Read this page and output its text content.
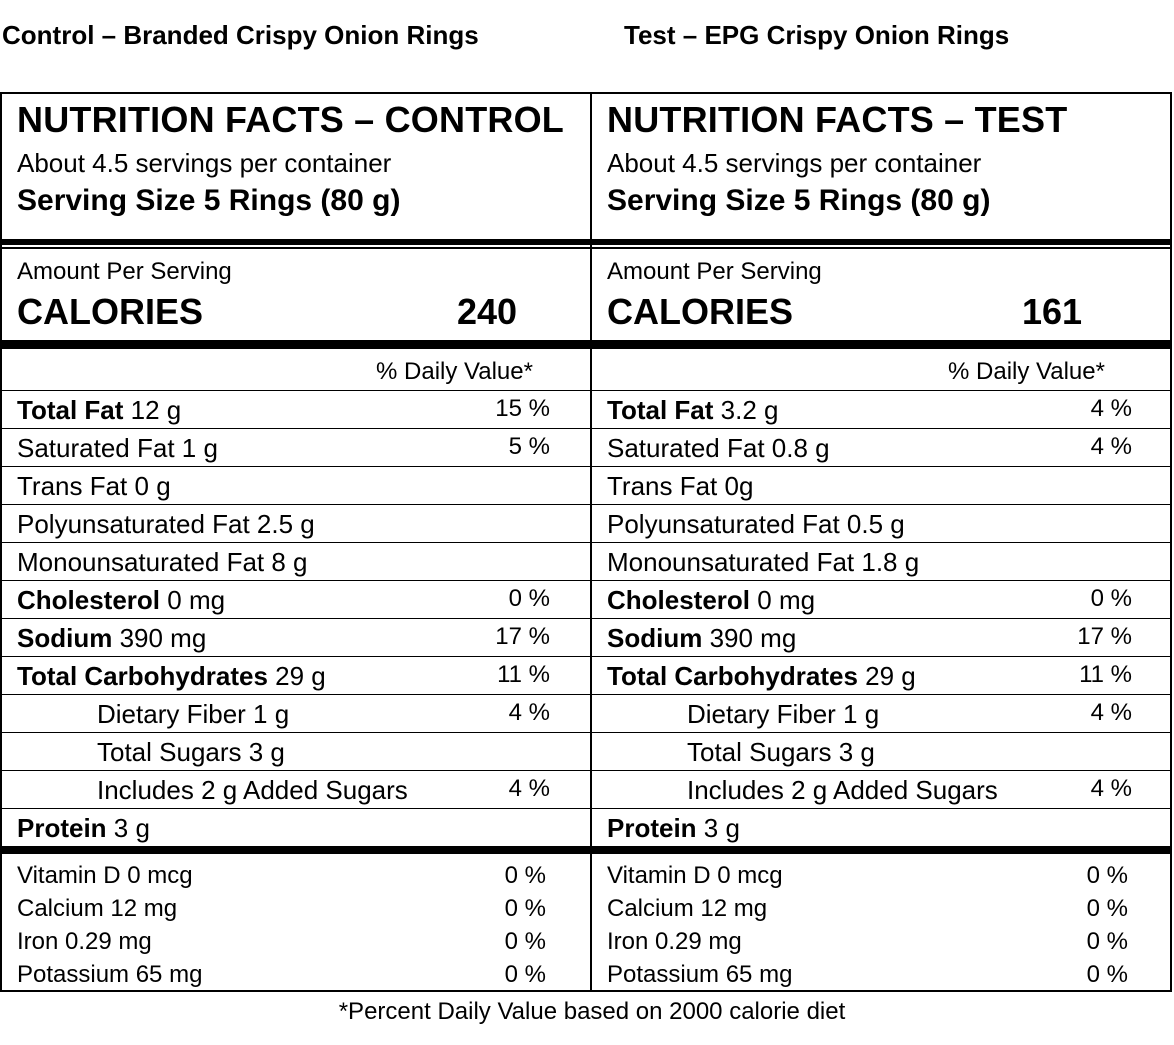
Control – Branded Crispy Onion Rings	Test – EPG Crispy Onion Rings
NUTRITION FACTS – CONTROL
About 4.5 servings per container
Serving Size 5 Rings (80 g)
Amount Per Serving
CALORIES	240
% Daily Value*
Total Fat 12 g	15 %
Saturated Fat 1 g	5 %
Trans Fat 0 g
Polyunsaturated Fat 2.5 g
Monounsaturated Fat 8 g
Cholesterol 0 mg	0 %
Sodium 390 mg	17 %
Total Carbohydrates 29 g	11 %
Dietary Fiber 1 g	4 %
Total Sugars 3 g
Includes 2 g Added Sugars	4 %
Protein 3 g
Vitamin D 0 mcg	0 %
Calcium 12 mg	0 %
Iron 0.29 mg	0 %
Potassium 65 mg	0 %
NUTRITION FACTS – TEST
About 4.5 servings per container
Serving Size 5 Rings (80 g)
Amount Per Serving
CALORIES	161
% Daily Value*
Total Fat 3.2 g	4 %
Saturated Fat 0.8 g	4 %
Trans Fat 0g
Polyunsaturated Fat 0.5 g
Monounsaturated Fat 1.8 g
Cholesterol 0 mg	0 %
Sodium 390 mg	17 %
Total Carbohydrates 29 g	11 %
Dietary Fiber 1 g	4 %
Total Sugars 3 g
Includes 2 g Added Sugars	4 %
Protein 3 g
Vitamin D 0 mcg	0 %
Calcium 12 mg	0 %
Iron 0.29 mg	0 %
Potassium 65 mg	0 %
*Percent Daily Value based on 2000 calorie diet
